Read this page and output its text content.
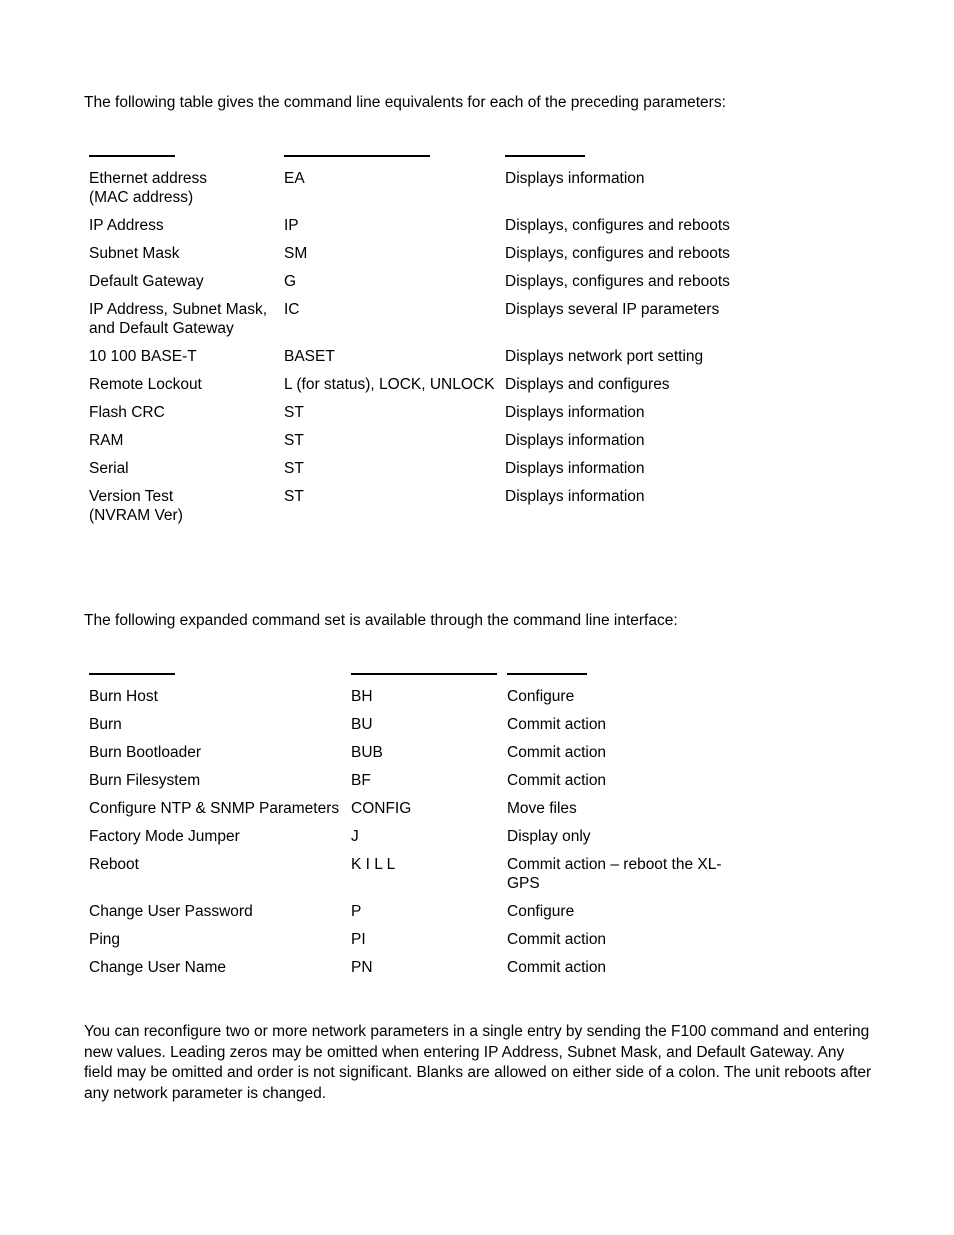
The following table gives the command line equivalents for each of the preceding parameters:

Ethernet address
(MAC address)
EA	Displays information
IP Address	IP	Displays, configures and reboots
Subnet Mask	SM	Displays, configures and reboots
Default Gateway	G	Displays, configures and reboots
IP Address, Subnet Mask,
and Default Gateway
IC	Displays several IP parameters
10 100 BASE-T	BASET	Displays network port setting
Remote Lockout	L (for status), LOCK, UNLOCK Displays and configures
Flash CRC	ST	Displays information
RAM	ST	Displays information
Serial	ST	Displays information
Version Test
(NVRAM Ver)
ST	Displays information

The following expanded command set is available through the command line interface:

Burn Host	BH	Configure
Burn	BU	Commit action
Burn Bootloader	BUB	Commit action
Burn Filesystem	BF	Commit action
Configure NTP & SNMP Parameters CONFIG	Move files
Factory Mode Jumper	J	Display only
Reboot	K I L L	Commit action – reboot the XL-
GPS
Change User Password	P	Configure
Ping	PI	Commit action
Change User Name	PN	Commit action

You can reconfigure two or more network parameters in a single entry by sending the F100 command and entering new values. Leading zeros may be omitted when entering IP Address, Subnet Mask, and Default Gateway. Any field may be omitted and order is not significant. Blanks are allowed on either side of a colon. The unit reboots after any network parameter is changed.
